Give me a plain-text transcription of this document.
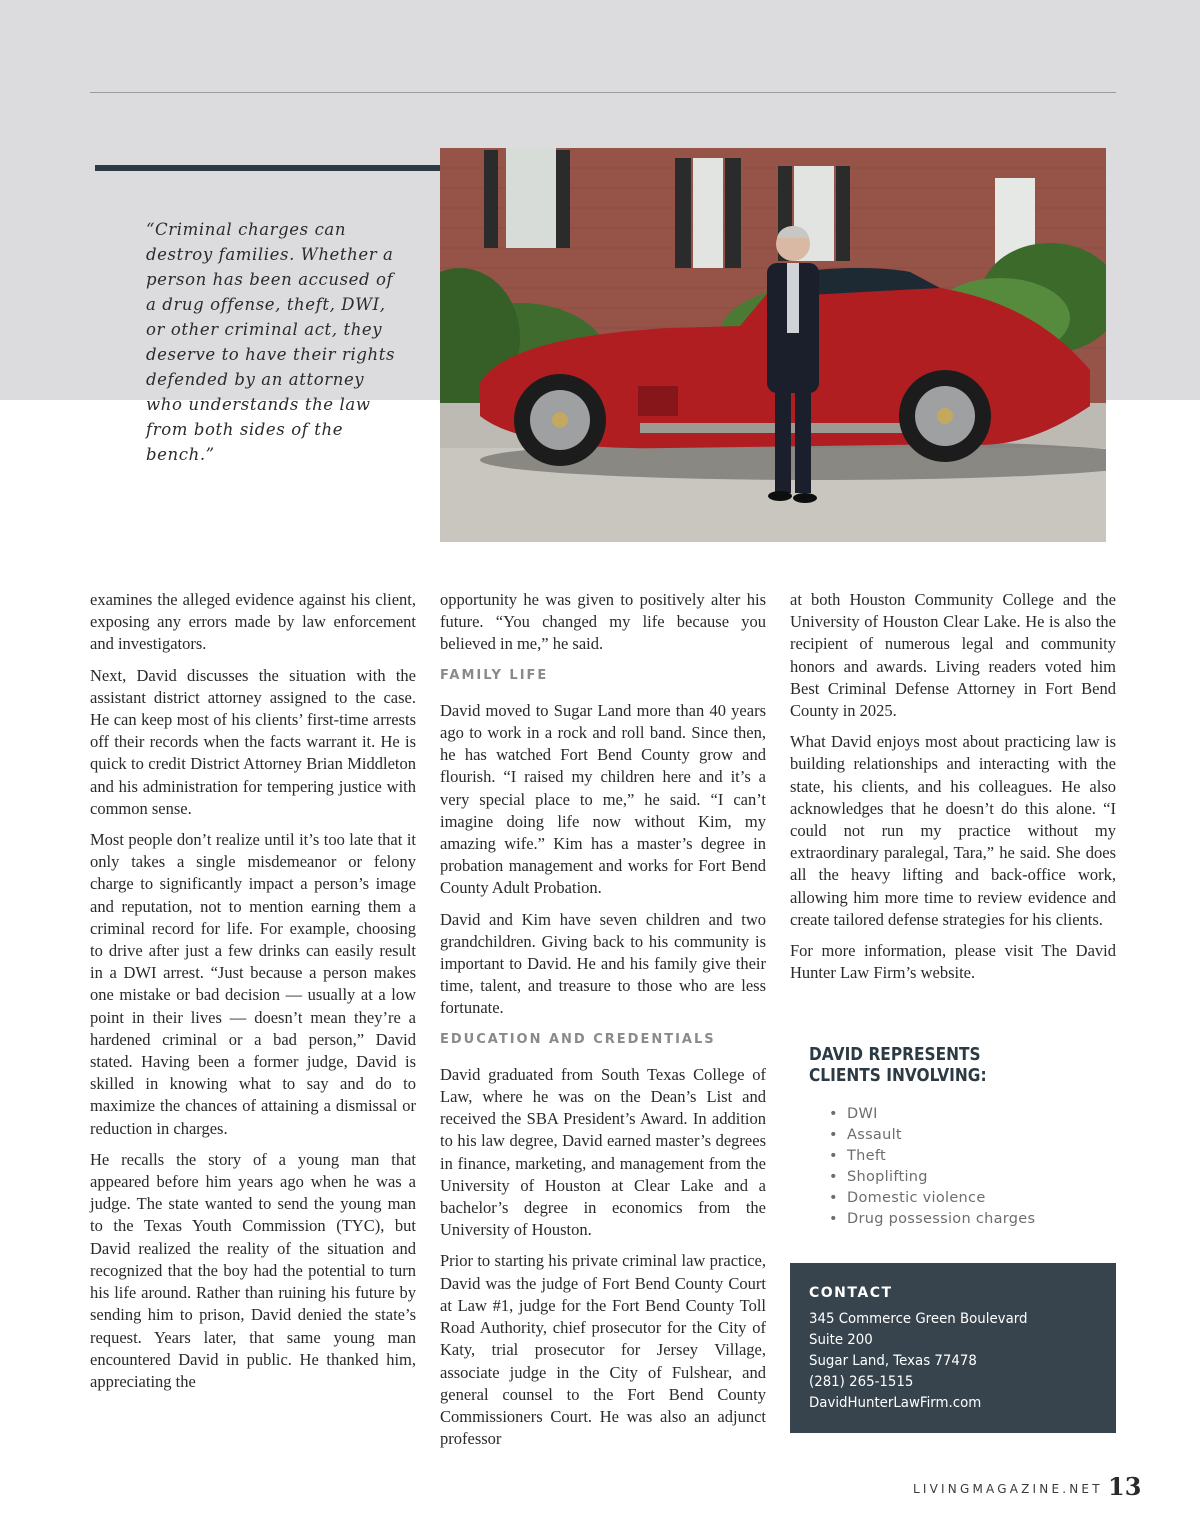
“Criminal charges can destroy families. Whether a person has been accused of a drug offense, theft, DWI, or other criminal act, they deserve to have their rights defended by an attorney who understands the law from both sides of the bench.”

examines the alleged evidence against his client, exposing any errors made by law enforcement and investigators.

Next, David discusses the situation with the assistant district attorney assigned to the case. He can keep most of his clients’ first-time arrests off their records when the facts warrant it. He is quick to credit District Attorney Brian Middleton and his administration for tempering justice with common sense.

Most people don’t realize until it’s too late that it only takes a single misdemeanor or felony charge to significantly impact a person’s image and reputation, not to mention earning them a criminal record for life. For example, choosing to drive after just a few drinks can easily result in a DWI arrest. “Just because a person makes one mistake or bad decision — usually at a low point in their lives — doesn’t mean they’re a hardened criminal or a bad person,” David stated. Having been a former judge, David is skilled in knowing what to say and do to maximize the chances of attaining a dismissal or reduction in charges.

He recalls the story of a young man that appeared before him years ago when he was a judge. The state wanted to send the young man to the Texas Youth Commission (TYC), but David realized the reality of the situation and recognized that the boy had the potential to turn his life around. Rather than ruining his future by sending him to prison, David denied the state’s request. Years later, that same young man encountered David in public. He thanked him, appreciating the

opportunity he was given to positively alter his future. “You changed my life because you believed in me,” he said.

FAMILY LIFE

David moved to Sugar Land more than 40 years ago to work in a rock and roll band. Since then, he has watched Fort Bend County grow and flourish. “I raised my children here and it’s a very special place to me,” he said. “I can’t imagine doing life now without Kim, my amazing wife.” Kim has a master’s degree in probation management and works for Fort Bend County Adult Probation.

David and Kim have seven children and two grandchildren. Giving back to his community is important to David. He and his family give their time, talent, and treasure to those who are less fortunate.

EDUCATION AND CREDENTIALS

David graduated from South Texas College of Law, where he was on the Dean’s List and received the SBA President’s Award. In addition to his law degree, David earned master’s degrees in finance, marketing, and management from the University of Houston at Clear Lake and a bachelor’s degree in economics from the University of Houston.

Prior to starting his private criminal law practice, David was the judge of Fort Bend County Court at Law #1, judge for the Fort Bend County Toll Road Authority, chief prosecutor for the City of Katy, trial prosecutor for Jersey Village, associate judge in the City of Fulshear, and general counsel to the Fort Bend County Commissioners Court. He was also an adjunct professor

at both Houston Community College and the University of Houston Clear Lake. He is also the recipient of numerous legal and community honors and awards. Living readers voted him Best Criminal Defense Attorney in Fort Bend County in 2025.

What David enjoys most about practicing law is building relationships and interacting with the state, his clients, and his colleagues. He also acknowledges that he doesn’t do this alone. “I could not run my practice without my extraordinary paralegal, Tara,” he said. She does all the heavy lifting and back-office work, allowing him more time to review evidence and create tailored defense strategies for his clients.

For more information, please visit The David Hunter Law Firm’s website.

DAVID REPRESENTS
CLIENTS INVOLVING:
• DWI
• Assault
• Theft
• Shoplifting
• Domestic violence
• Drug possession charges
CONTACT
345 Commerce Green Boulevard
Suite 200
Sugar Land, Texas 77478
(281) 265-1515
DavidHunterLawFirm.com
LIVINGMAGAZINE.NET 13
